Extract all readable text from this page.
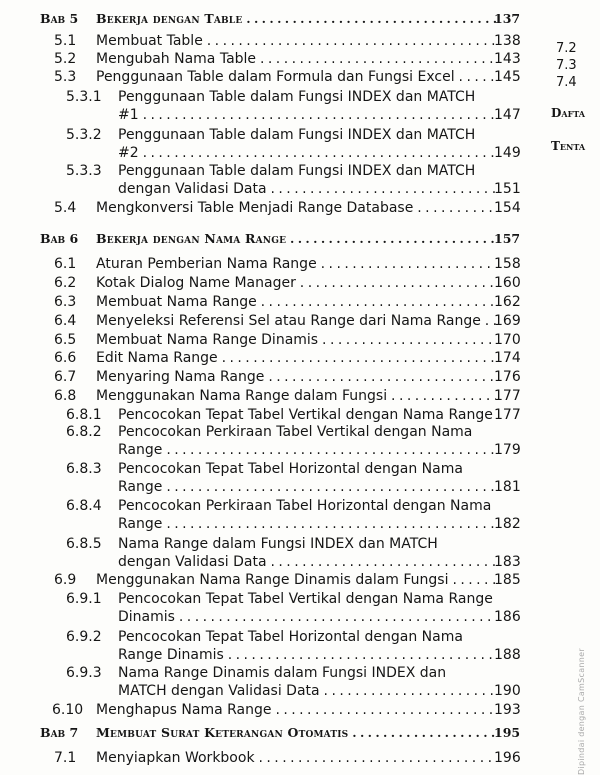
Bab 5 Bekerja dengan Table . . .	137
5.1 Membuat Table . . .	138
5.2 Mengubah Nama Table . . .	143
5.3 Penggunaan Table dalam Formula dan Fungsi Excel . . .	145
5.3.1 Penggunaan Table dalam Fungsi INDEX dan MATCH
#1 . . .	147
5.3.2 Penggunaan Table dalam Fungsi INDEX dan MATCH
#2 . . .	149
5.3.3 Penggunaan Table dalam Fungsi INDEX dan MATCH
dengan Validasi Data . . .	151
5.4 Mengkonversi Table Menjadi Range Database . . .	154
Bab 6 Bekerja dengan Nama Range . . .	157
6.1 Aturan Pemberian Nama Range . . .	158
6.2 Kotak Dialog Name Manager . . .	160
6.3 Membuat Nama Range . . .	162
6.4 Menyeleksi Referensi Sel atau Range dari Nama Range . . . 169
6.5 Membuat Nama Range Dinamis . . .	170
6.6 Edit Nama Range . . .	174
6.7 Menyaring Nama Range . . .	176
6.8 Menggunakan Nama Range dalam Fungsi . . .	177
6.8.1 Pencocokan Tepat Tabel Vertikal dengan Nama Range . . . 177
6.8.2 Pencocokan Perkiraan Tabel Vertikal dengan Nama
Range . . .	179
6.8.3 Pencocokan Tepat Tabel Horizontal dengan Nama
Range . . .	181
6.8.4 Pencocokan Perkiraan Tabel Horizontal dengan Nama
Range . . .	182
6.8.5 Nama Range dalam Fungsi INDEX dan MATCH
dengan Validasi Data . . .	183
6.9 Menggunakan Nama Range Dinamis dalam Fungsi . . .	185
6.9.1 Pencocokan Tepat Tabel Vertikal dengan Nama Range
Dinamis . . .	186
6.9.2 Pencocokan Tepat Tabel Horizontal dengan Nama
Range Dinamis . . .	188
6.9.3 Nama Range Dinamis dalam Fungsi INDEX dan
MATCH dengan Validasi Data . . .	190
6.10 Menghapus Nama Range . . .	193
Bab 7 Membuat Surat Keterangan Otomatis . . .	195
7.1 Menyiapkan Workbook . . .	196
7.2
7.3
7.4
Dafta
Tenta
Dipindai dengan CamScanner
